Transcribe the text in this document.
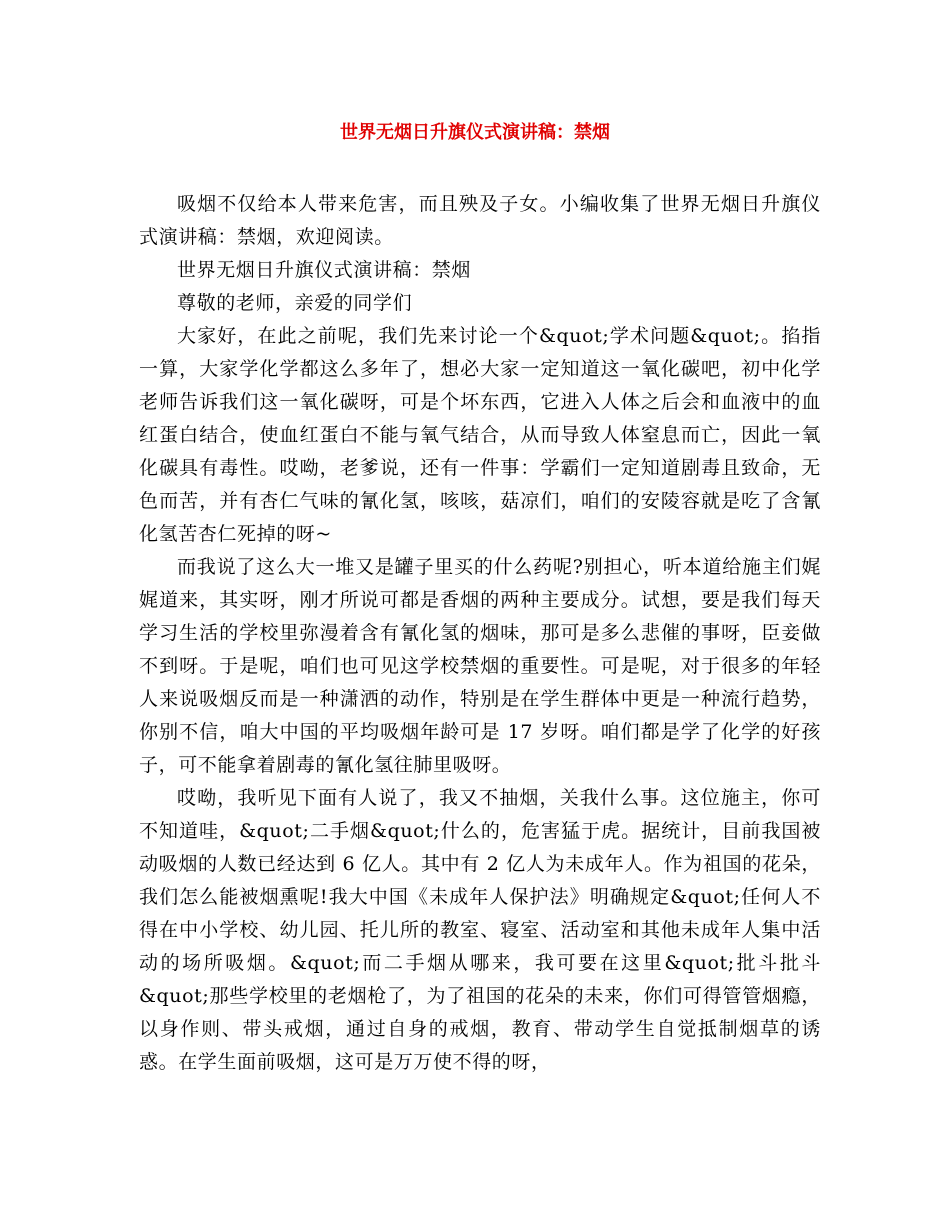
世界无烟日升旗仪式演讲稿：禁烟

吸烟不仅给本人带来危害，而且殃及子女。小编收集了世界无烟日升旗仪式演讲稿：禁烟，欢迎阅读。

世界无烟日升旗仪式演讲稿：禁烟

尊敬的老师，亲爱的同学们

大家好，在此之前呢，我们先来讨论一个&quot;学术问题&quot;。掐指一算，大家学化学都这么多年了，想必大家一定知道这一氧化碳吧，初中化学老师告诉我们这一氧化碳呀，可是个坏东西，它进入人体之后会和血液中的血红蛋白结合，使血红蛋白不能与氧气结合，从而导致人体窒息而亡，因此一氧化碳具有毒性。哎呦，老爹说，还有一件事：学霸们一定知道剧毒且致命，无色而苦，并有杏仁气味的氰化氢，咳咳，菇凉们，咱们的安陵容就是吃了含氰化氢苦杏仁死掉的呀~

而我说了这么大一堆又是罐子里买的什么药呢?别担心，听本道给施主们娓娓道来，其实呀，刚才所说可都是香烟的两种主要成分。试想，要是我们每天学习生活的学校里弥漫着含有氰化氢的烟味，那可是多么悲催的事呀，臣妾做不到呀。于是呢，咱们也可见这学校禁烟的重要性。可是呢，对于很多的年轻人来说吸烟反而是一种潇洒的动作，特别是在学生群体中更是一种流行趋势，你别不信，咱大中国的平均吸烟年龄可是 17 岁呀。咱们都是学了化学的好孩子，可不能拿着剧毒的氰化氢往肺里吸呀。

哎呦，我听见下面有人说了，我又不抽烟，关我什么事。这位施主，你可不知道哇，&quot;二手烟&quot;什么的，危害猛于虎。据统计，目前我国被动吸烟的人数已经达到 6 亿人。其中有 2 亿人为未成年人。作为祖国的花朵，我们怎么能被烟熏呢!我大中国《未成年人保护法》明确规定&quot;任何人不得在中小学校、幼儿园、托儿所的教室、寝室、活动室和其他未成年人集中活动的场所吸烟。&quot;而二手烟从哪来，我可要在这里&quot;批斗批斗&quot;那些学校里的老烟枪了，为了祖国的花朵的未来，你们可得管管烟瘾，以身作则、带头戒烟，通过自身的戒烟，教育、带动学生自觉抵制烟草的诱惑。在学生面前吸烟，这可是万万使不得的呀，
